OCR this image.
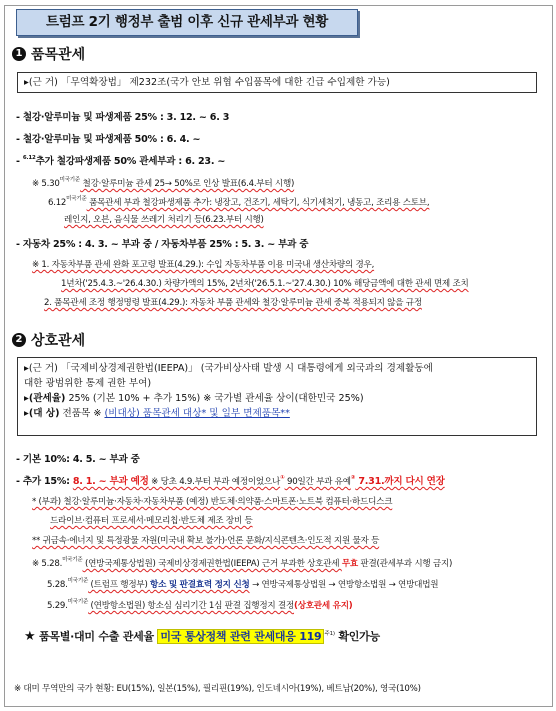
트럼프 2기 행정부 출범 이후 신규 관세부과 현황
1 품목관세
▸(근 거) 「무역확장법」 제232조(국가 안보 위협 수입품목에 대한 긴급 수입제한 가능)
- 철강·알루미늄 및 파생제품 25% : 3. 12. ~ 6. 3
- 철강·알루미늄 및 파생제품 50% : 6. 4. ~
- $^{6.12}$추가 철강파생제품 50% 관세부과 : 6. 23. ~
※ $5.30^{미국기준}$ 철강·알루미늄 관세 25→ 50%로 인상 발표(6.4.부터 시행)
$6.12^{미국기준}$ 품목관세 부과 철강파생제품 추가: 냉장고, 건조기, 세탁기, 식기세척기, 냉동고, 조리용 스토브,
레인지, 오븐, 음식물 쓰레기 처리기 등(6.23.부터 시행)
- 자동차 25% : 4. 3. ~ 부과 중 / 자동차부품 25% : 5. 3. ~ 부과 중
※ 1. 자동차부품 관세 완화 포고령 발표(4.29.): 수입 자동차부품 이용 미국내 생산차량의 경우,
1년차('25.4.3.~'26.4.30.) 차량가액의 15%, 2년차('26.5.1.~'27.4.30.) 10% 해당금액에 대한 관세 면제 조치
2. 품목관세 조정 행정명령 발표(4.29.): 자동차 부품 관세와 철강·알루미늄 관세 중복 적용되지 않을 규정
2 상호관세
▸(근 거) 「국제비상경제권한법(IEEPA)」 (국가비상사태 발생 시 대통령에게 외국과의 경제활동에
대한 광범위한 통제 권한 부여)
▸(관세율) 25% (기본 10% + 추가 15%) ※ 국가별 관세율 상이(대한민국 25%)
▸(대 상) 전품목 ※ (비대상) 품목관세 대상* 및 일부 면제품목**
- 기본 10%: 4. 5. ~ 부과 중
- 추가 15%: 8. 1. ~ 부과 예정 ※ 당초 4.9.부터 부과 예정이었으나① 90일간 부과 유예② 7.31.까지 다시 연장
* (부과) 철강·알루미늄·자동차·자동차부품 (예정) 반도체·의약품·스마트폰·노트북 컴퓨터·하드디스크
드라이브·컴퓨터 프로세서·메모리칩·반도체 제조 장비 등
** 귀금속·에너지 및 특정광물 자원(미국내 확보 불가)·언론 문화/지식콘텐츠·인도적 지원 물자 등
※ 5.28.$^{미국기준}$ (연방국제통상법원) 국제비상경제권한법(IEEPA) 근거 부과한 상호관세 무효 판결(관세부과 시행 금지)
5.28.$^{미국기준}$ (트럼프 행정부) 항소 및 판결효력 정지 신청 → 연방국제통상법원 → 연방항소법원 → 연방대법원
5.29.$^{미국기준}$ (연방항소법원) 항소심 심리기간 1심 판결 집행정지 결정(상호관세 유지)
★ 품목별·대미 수출 관세율 미국 통상정책 관련 관세대응 119 $^{주1)}$ 확인가능
※ 대미 무역만의 국가 현황: EU(15%), 일본(15%), 필리핀(19%), 인도네시아(19%), 베트남(20%), 영국(10%)
